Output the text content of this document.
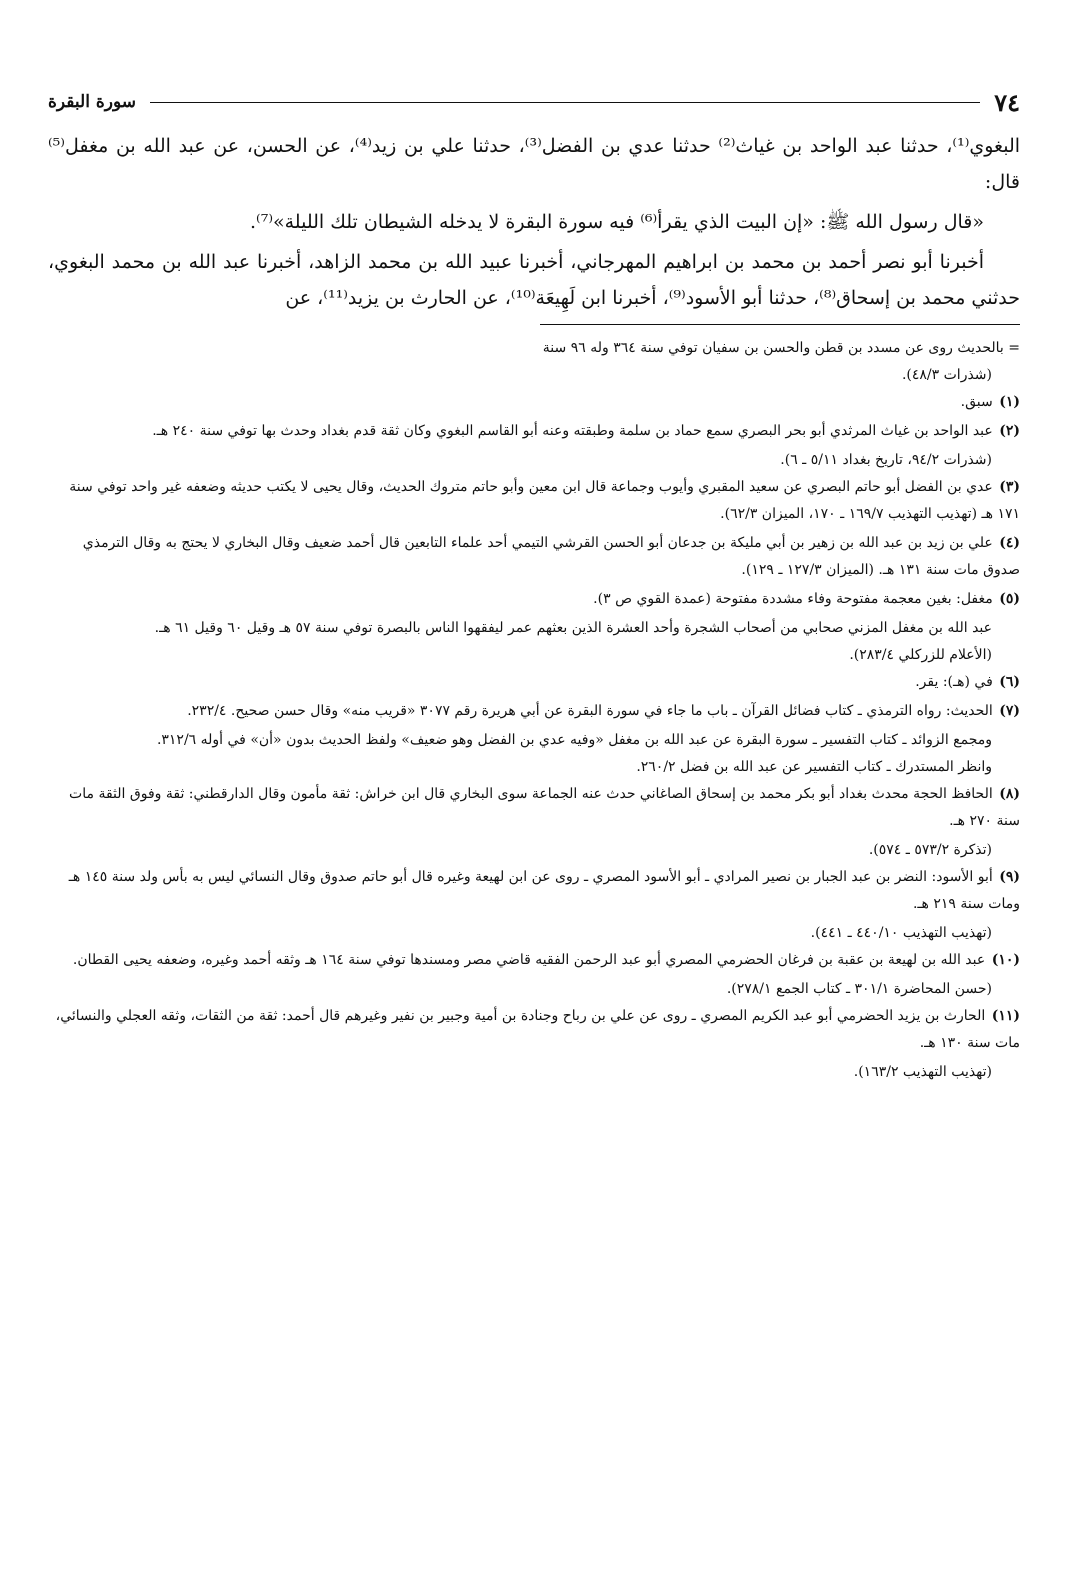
٧٤
سورة البقرة

البغوي⁽¹⁾، حدثنا عبد الواحد بن غياث⁽²⁾ حدثنا عدي بن الفضل⁽³⁾، حدثنا علي بن زيد⁽⁴⁾، عن الحسن، عن عبد الله بن مغفل⁽⁵⁾ قال:

«قال رسول الله ﷺ: «إن البيت الذي يقرأ⁽⁶⁾ فيه سورة البقرة لا يدخله الشيطان تلك الليلة»⁽⁷⁾.

أخبرنا أبو نصر أحمد بن محمد بن ابراهيم المهرجاني، أخبرنا عبيد الله بن محمد الزاهد، أخبرنا عبد الله بن محمد البغوي، حدثني محمد بن إسحاق⁽⁸⁾، حدثنا أبو الأسود⁽⁹⁾، أخبرنا ابن لَهِيعَة⁽¹⁰⁾، عن الحارث بن يزيد⁽¹¹⁾، عن

= بالحديث روى عن مسدد بن قطن والحسن بن سفيان توفي سنة ٣٦٤ وله ٩٦ سنة
(شذرات ٤٨/٣).
(١) سبق.
(٢) عبد الواحد بن غياث المرثدي أبو بحر البصري سمع حماد بن سلمة وطبقته وعنه أبو القاسم البغوي وكان ثقة قدم بغداد وحدث بها توفي سنة ٢٤٠ هـ.
(شذرات ٩٤/٢، تاريخ بغداد ٥/١١ ـ ٦).
(٣) عدي بن الفضل أبو حاتم البصري عن سعيد المقبري وأيوب وجماعة قال ابن معين وأبو حاتم متروك الحديث، وقال يحيى لا يكتب حديثه وضعفه غير واحد توفي سنة ١٧١ هـ (تهذيب التهذيب ١٦٩/٧ ـ ١٧٠، الميزان ٦٢/٣).
(٤) علي بن زيد بن عبد الله بن زهير بن أبي مليكة بن جدعان أبو الحسن القرشي التيمي أحد علماء التابعين قال أحمد ضعيف وقال البخاري لا يحتج به وقال الترمذي صدوق مات سنة ١٣١ هـ. (الميزان ١٢٧/٣ ـ ١٢٩).
(٥) مغفل: بغين معجمة مفتوحة وفاء مشددة مفتوحة (عمدة القوي ص ٣).
عبد الله بن مغفل المزني صحابي من أصحاب الشجرة وأحد العشرة الذين بعثهم عمر ليفقهوا الناس بالبصرة توفي سنة ٥٧ هـ وقيل ٦٠ وقيل ٦١ هـ.
(الأعلام للزركلي ٢٨٣/٤).
(٦) في (هـ): يقر.
(٧) الحديث: رواه الترمذي ـ كتاب فضائل القرآن ـ باب ما جاء في سورة البقرة عن أبي هريرة رقم ٣٠٧٧ «قريب منه» وقال حسن صحيح. ٢٣٢/٤.
ومجمع الزوائد ـ كتاب التفسير ـ سورة البقرة عن عبد الله بن مغفل «وفيه عدي بن الفضل وهو ضعيف» ولفظ الحديث بدون «أن» في أوله ٣١٢/٦.
وانظر المستدرك ـ كتاب التفسير عن عبد الله بن فضل ٢٦٠/٢.
(٨) الحافظ الحجة محدث بغداد أبو بكر محمد بن إسحاق الصاغاني حدث عنه الجماعة سوى البخاري قال ابن خراش: ثقة مأمون وقال الدارقطني: ثقة وفوق الثقة مات سنة ٢٧٠ هـ.
(تذكرة ٥٧٣/٢ ـ ٥٧٤).
(٩) أبو الأسود: النضر بن عبد الجبار بن نصير المرادي ـ أبو الأسود المصري ـ روى عن ابن لهيعة وغيره قال أبو حاتم صدوق وقال النسائي ليس به بأس ولد سنة ١٤٥ هـ ومات سنة ٢١٩ هـ.
(تهذيب التهذيب ٤٤٠/١٠ ـ ٤٤١).
(١٠) عبد الله بن لهيعة بن عقبة بن فرغان الحضرمي المصري أبو عبد الرحمن الفقيه قاضي مصر ومسندها توفي سنة ١٦٤ هـ وثقه أحمد وغيره، وضعفه يحيى القطان.
(حسن المحاضرة ٣٠١/١ ـ كتاب الجمع ٢٧٨/١).
(١١) الحارث بن يزيد الحضرمي أبو عبد الكريم المصري ـ روى عن علي بن رباح وجنادة بن أمية وجبير بن نفير وغيرهم قال أحمد: ثقة من الثقات، وثقه العجلي والنسائي، مات سنة ١٣٠ هـ.
(تهذيب التهذيب ١٦٣/٢).
